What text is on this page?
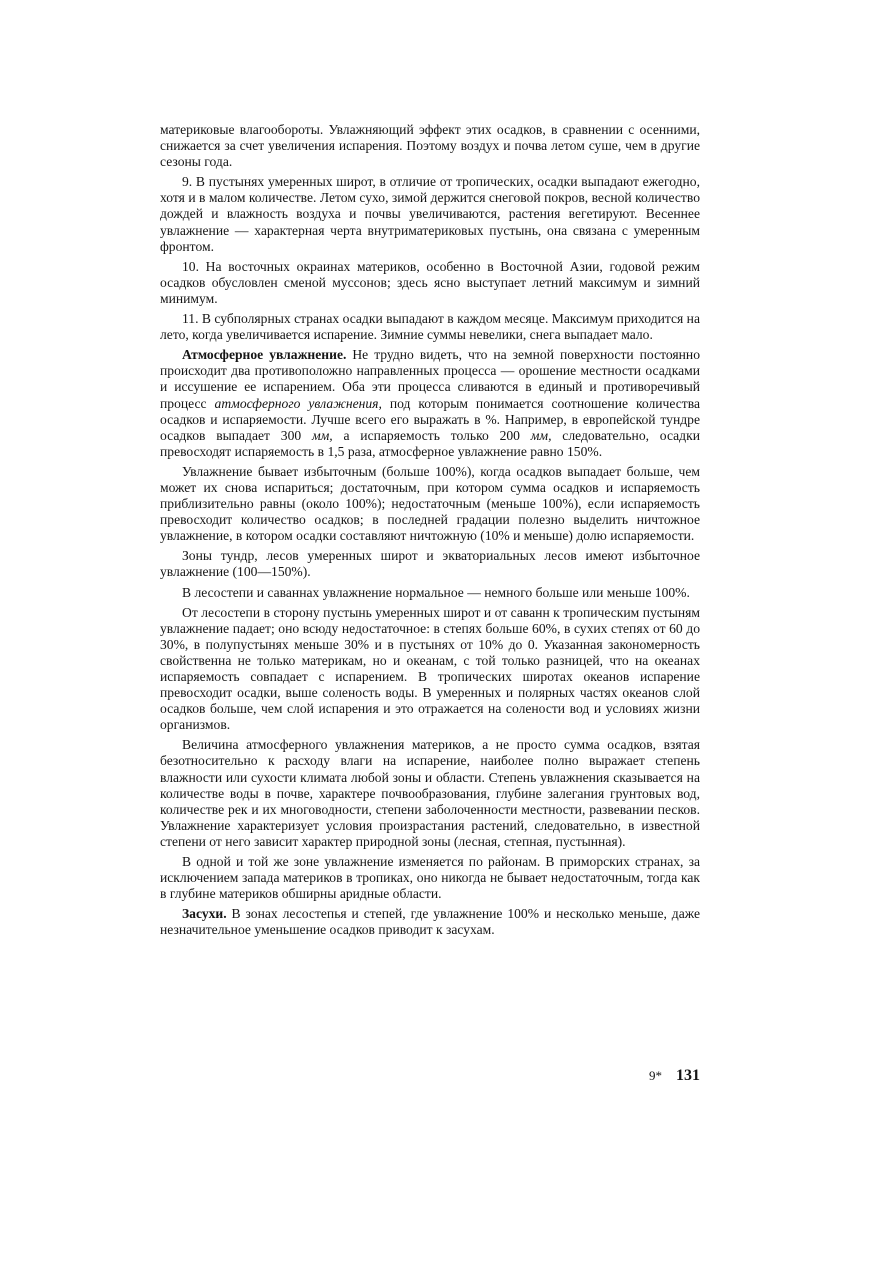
материковые влагообороты. Увлажняющий эффект этих осадков, в сравнении с осенними, снижается за счет увеличения испарения. Поэтому воздух и почва летом суше, чем в другие сезоны года.

9. В пустынях умеренных широт, в отличие от тропических, осадки выпадают ежегодно, хотя и в малом количестве. Летом сухо, зимой держится снеговой покров, весной количество дождей и влажность воздуха и почвы увеличиваются, растения вегетируют. Весеннее увлажнение — характерная черта внутриматериковых пустынь, она связана с умеренным фронтом.

10. На восточных окраинах материков, особенно в Восточной Азии, годовой режим осадков обусловлен сменой муссонов; здесь ясно выступает летний максимум и зимний минимум.

11. В субполярных странах осадки выпадают в каждом месяце. Максимум приходится на лето, когда увеличивается испарение. Зимние суммы невелики, снега выпадает мало.

Атмосферное увлажнение. Не трудно видеть, что на земной поверхности постоянно происходит два противоположно направленных процесса — орошение местности осадками и иссушение ее испарением. Оба эти процесса сливаются в единый и противоречивый процесс атмосферного увлажнения, под которым понимается соотношение количества осадков и испаряемости. Лучше всего его выражать в %. Например, в европейской тундре осадков выпадает 300 мм, а испаряемость только 200 мм, следовательно, осадки превосходят испаряемость в 1,5 раза, атмосферное увлажнение равно 150%.

Увлажнение бывает избыточным (больше 100%), когда осадков выпадает больше, чем может их снова испариться; достаточным, при котором сумма осадков и испаряемость приблизительно равны (около 100%); недостаточным (меньше 100%), если испаряемость превосходит количество осадков; в последней градации полезно выделить ничтожное увлажнение, в котором осадки составляют ничтожную (10% и меньше) долю испаряемости.

Зоны тундр, лесов умеренных широт и экваториальных лесов имеют избыточное увлажнение (100—150%).

В лесостепи и саваннах увлажнение нормальное — немного больше или меньше 100%.

От лесостепи в сторону пустынь умеренных широт и от саванн к тропическим пустыням увлажнение падает; оно всюду недостаточное: в степях больше 60%, в сухих степях от 60 до 30%, в полупустынях меньше 30% и в пустынях от 10% до 0. Указанная закономерность свойственна не только материкам, но и океанам, с той только разницей, что на океанах испаряемость совпадает с испарением. В тропических широтах океанов испарение превосходит осадки, выше соленость воды. В умеренных и полярных частях океанов слой осадков больше, чем слой испарения и это отражается на солености вод и условиях жизни организмов.

Величина атмосферного увлажнения материков, а не просто сумма осадков, взятая безотносительно к расходу влаги на испарение, наиболее полно выражает степень влажности или сухости климата любой зоны и области. Степень увлажнения сказывается на количестве воды в почве, характере почвообразования, глубине залегания грунтовых вод, количестве рек и их многоводности, степени заболоченности местности, развевании песков. Увлажнение характеризует условия произрастания растений, следовательно, в известной степени от него зависит характер природной зоны (лесная, степная, пустынная).

В одной и той же зоне увлажнение изменяется по районам. В приморских странах, за исключением запада материков в тропиках, оно никогда не бывает недостаточным, тогда как в глубине материков обширны аридные области.

Засухи. В зонах лесостепья и степей, где увлажнение 100% и несколько меньше, даже незначительное уменьшение осадков приводит к засухам.

9* 131
